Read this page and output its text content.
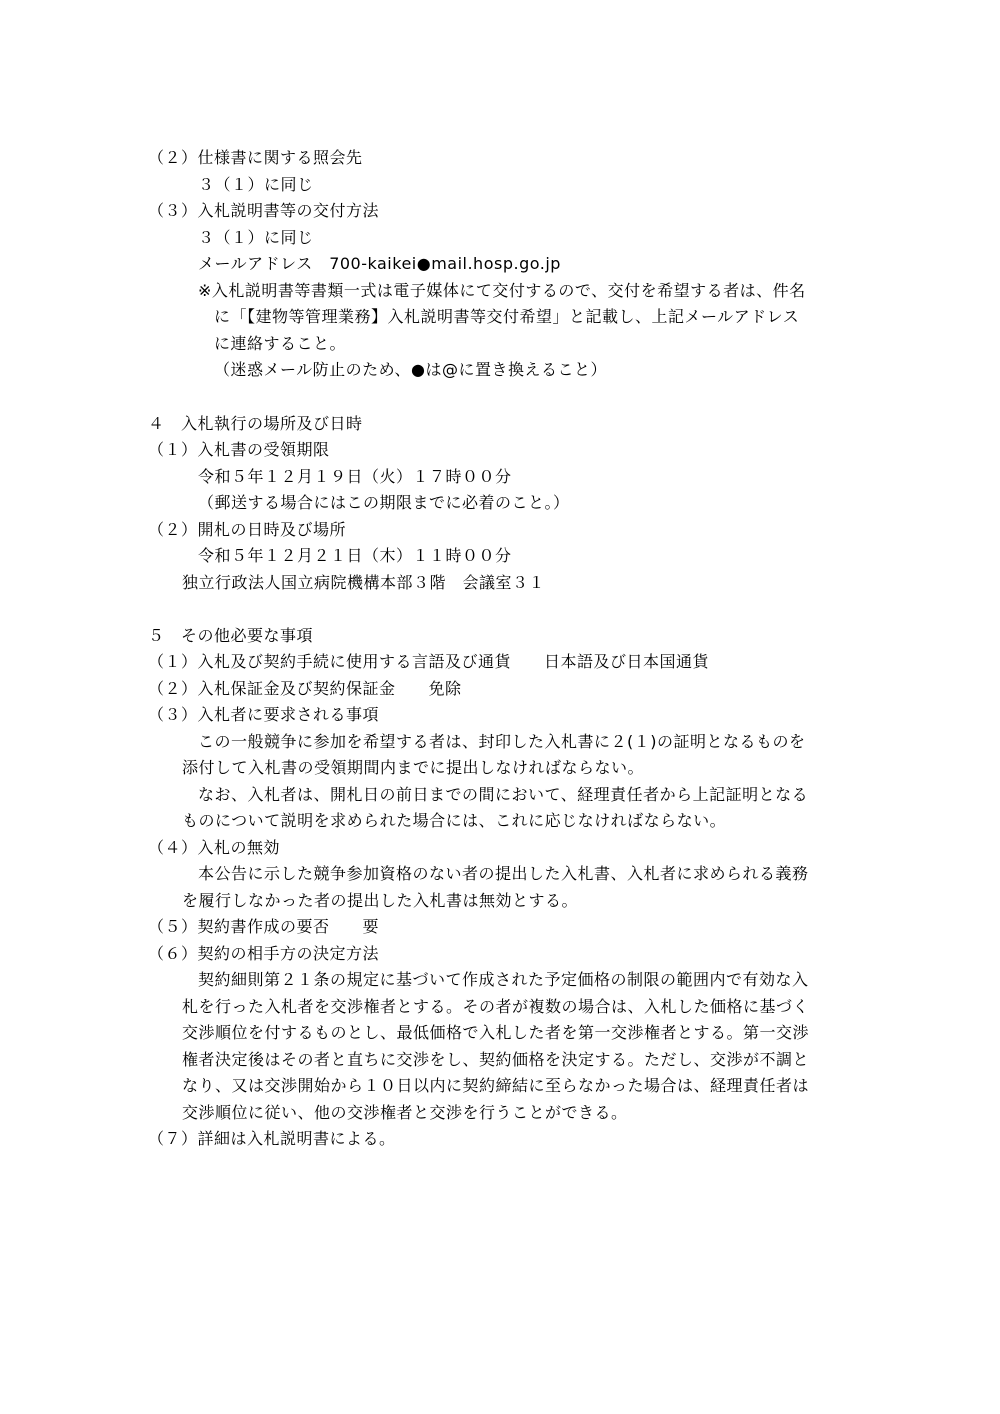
（２）仕様書に関する照会先
３（１）に同じ
（３）入札説明書等の交付方法
３（１）に同じ
メールアドレス　700-kaikei●mail.hosp.go.jp
※入札説明書等書類一式は電子媒体にて交付するので、交付を希望する者は、件名
に「【建物等管理業務】入札説明書等交付希望」と記載し、上記メールアドレス
に連絡すること。
（迷惑メール防止のため、●は@に置き換えること）
４　入札執行の場所及び日時
（１）入札書の受領期限
令和５年１２月１９日（火）１７時００分
（郵送する場合にはこの期限までに必着のこと。）
（２）開札の日時及び場所
令和５年１２月２１日（木）１１時００分
独立行政法人国立病院機構本部３階　会議室３１
５　その他必要な事項
（１）入札及び契約手続に使用する言語及び通貨　　日本語及び日本国通貨
（２）入札保証金及び契約保証金　　免除
（３）入札者に要求される事項
この一般競争に参加を希望する者は、封印した入札書に２(１)の証明となるものを
添付して入札書の受領期間内までに提出しなければならない。
なお、入札者は、開札日の前日までの間において、経理責任者から上記証明となる
ものについて説明を求められた場合には、これに応じなければならない。
（４）入札の無効
本公告に示した競争参加資格のない者の提出した入札書、入札者に求められる義務
を履行しなかった者の提出した入札書は無効とする。
（５）契約書作成の要否　　要
（６）契約の相手方の決定方法
契約細則第２１条の規定に基づいて作成された予定価格の制限の範囲内で有効な入
札を行った入札者を交渉権者とする。その者が複数の場合は、入札した価格に基づく
交渉順位を付するものとし、最低価格で入札した者を第一交渉権者とする。第一交渉
権者決定後はその者と直ちに交渉をし、契約価格を決定する。ただし、交渉が不調と
なり、又は交渉開始から１０日以内に契約締結に至らなかった場合は、経理責任者は
交渉順位に従い、他の交渉権者と交渉を行うことができる。
（７）詳細は入札説明書による。
